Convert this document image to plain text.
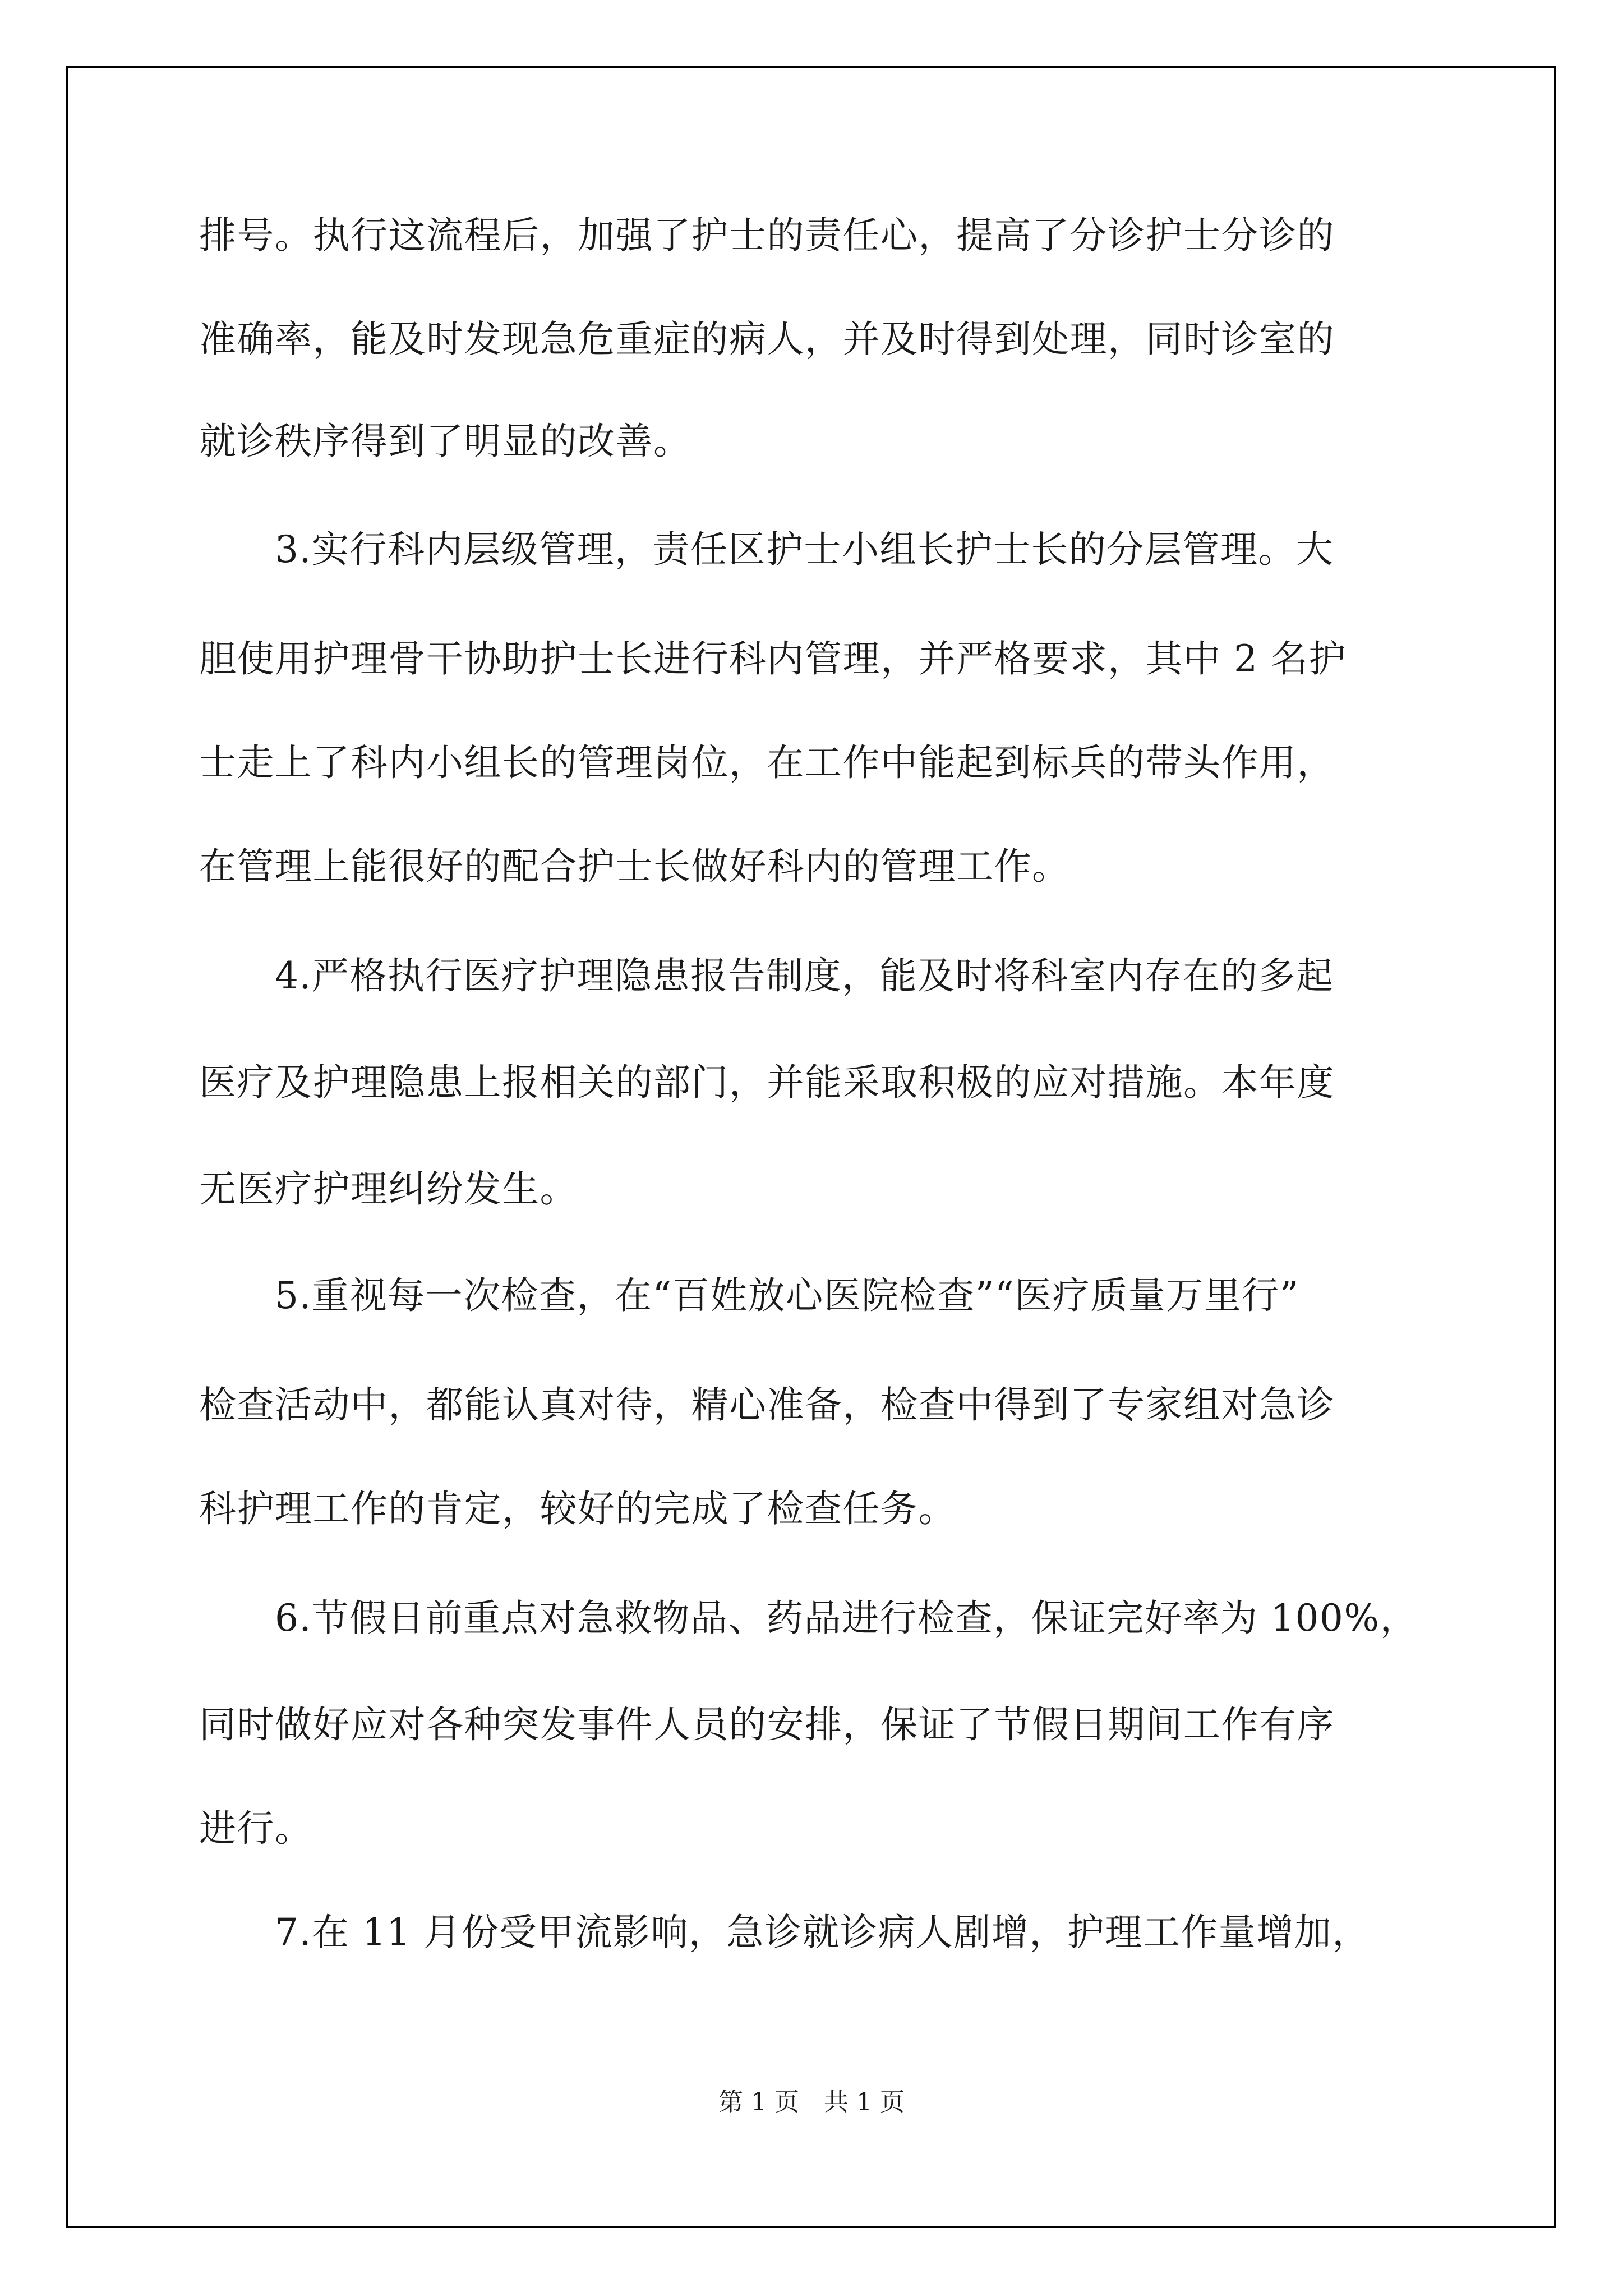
排号。执行这流程后，加强了护士的责任心，提高了分诊护士分诊的
准确率，能及时发现急危重症的病人，并及时得到处理，同时诊室的
就诊秩序得到了明显的改善。
3.实行科内层级管理，责任区护士小组长护士长的分层管理。大
胆使用护理骨干协助护士长进行科内管理，并严格要求，其中 2 名护
士走上了科内小组长的管理岗位，在工作中能起到标兵的带头作用，
在管理上能很好的配合护士长做好科内的管理工作。
4.严格执行医疗护理隐患报告制度，能及时将科室内存在的多起
医疗及护理隐患上报相关的部门，并能采取积极的应对措施。本年度
无医疗护理纠纷发生。
5.重视每一次检查，在“百姓放心医院检查”“医疗质量万里行”
检查活动中，都能认真对待，精心准备，检查中得到了专家组对急诊
科护理工作的肯定，较好的完成了检查任务。
6.节假日前重点对急救物品、药品进行检查，保证完好率为 100%，
同时做好应对各种突发事件人员的安排，保证了节假日期间工作有序
进行。
7.在 11 月份受甲流影响，急诊就诊病人剧增，护理工作量增加，
第 1 页　共 1 页
